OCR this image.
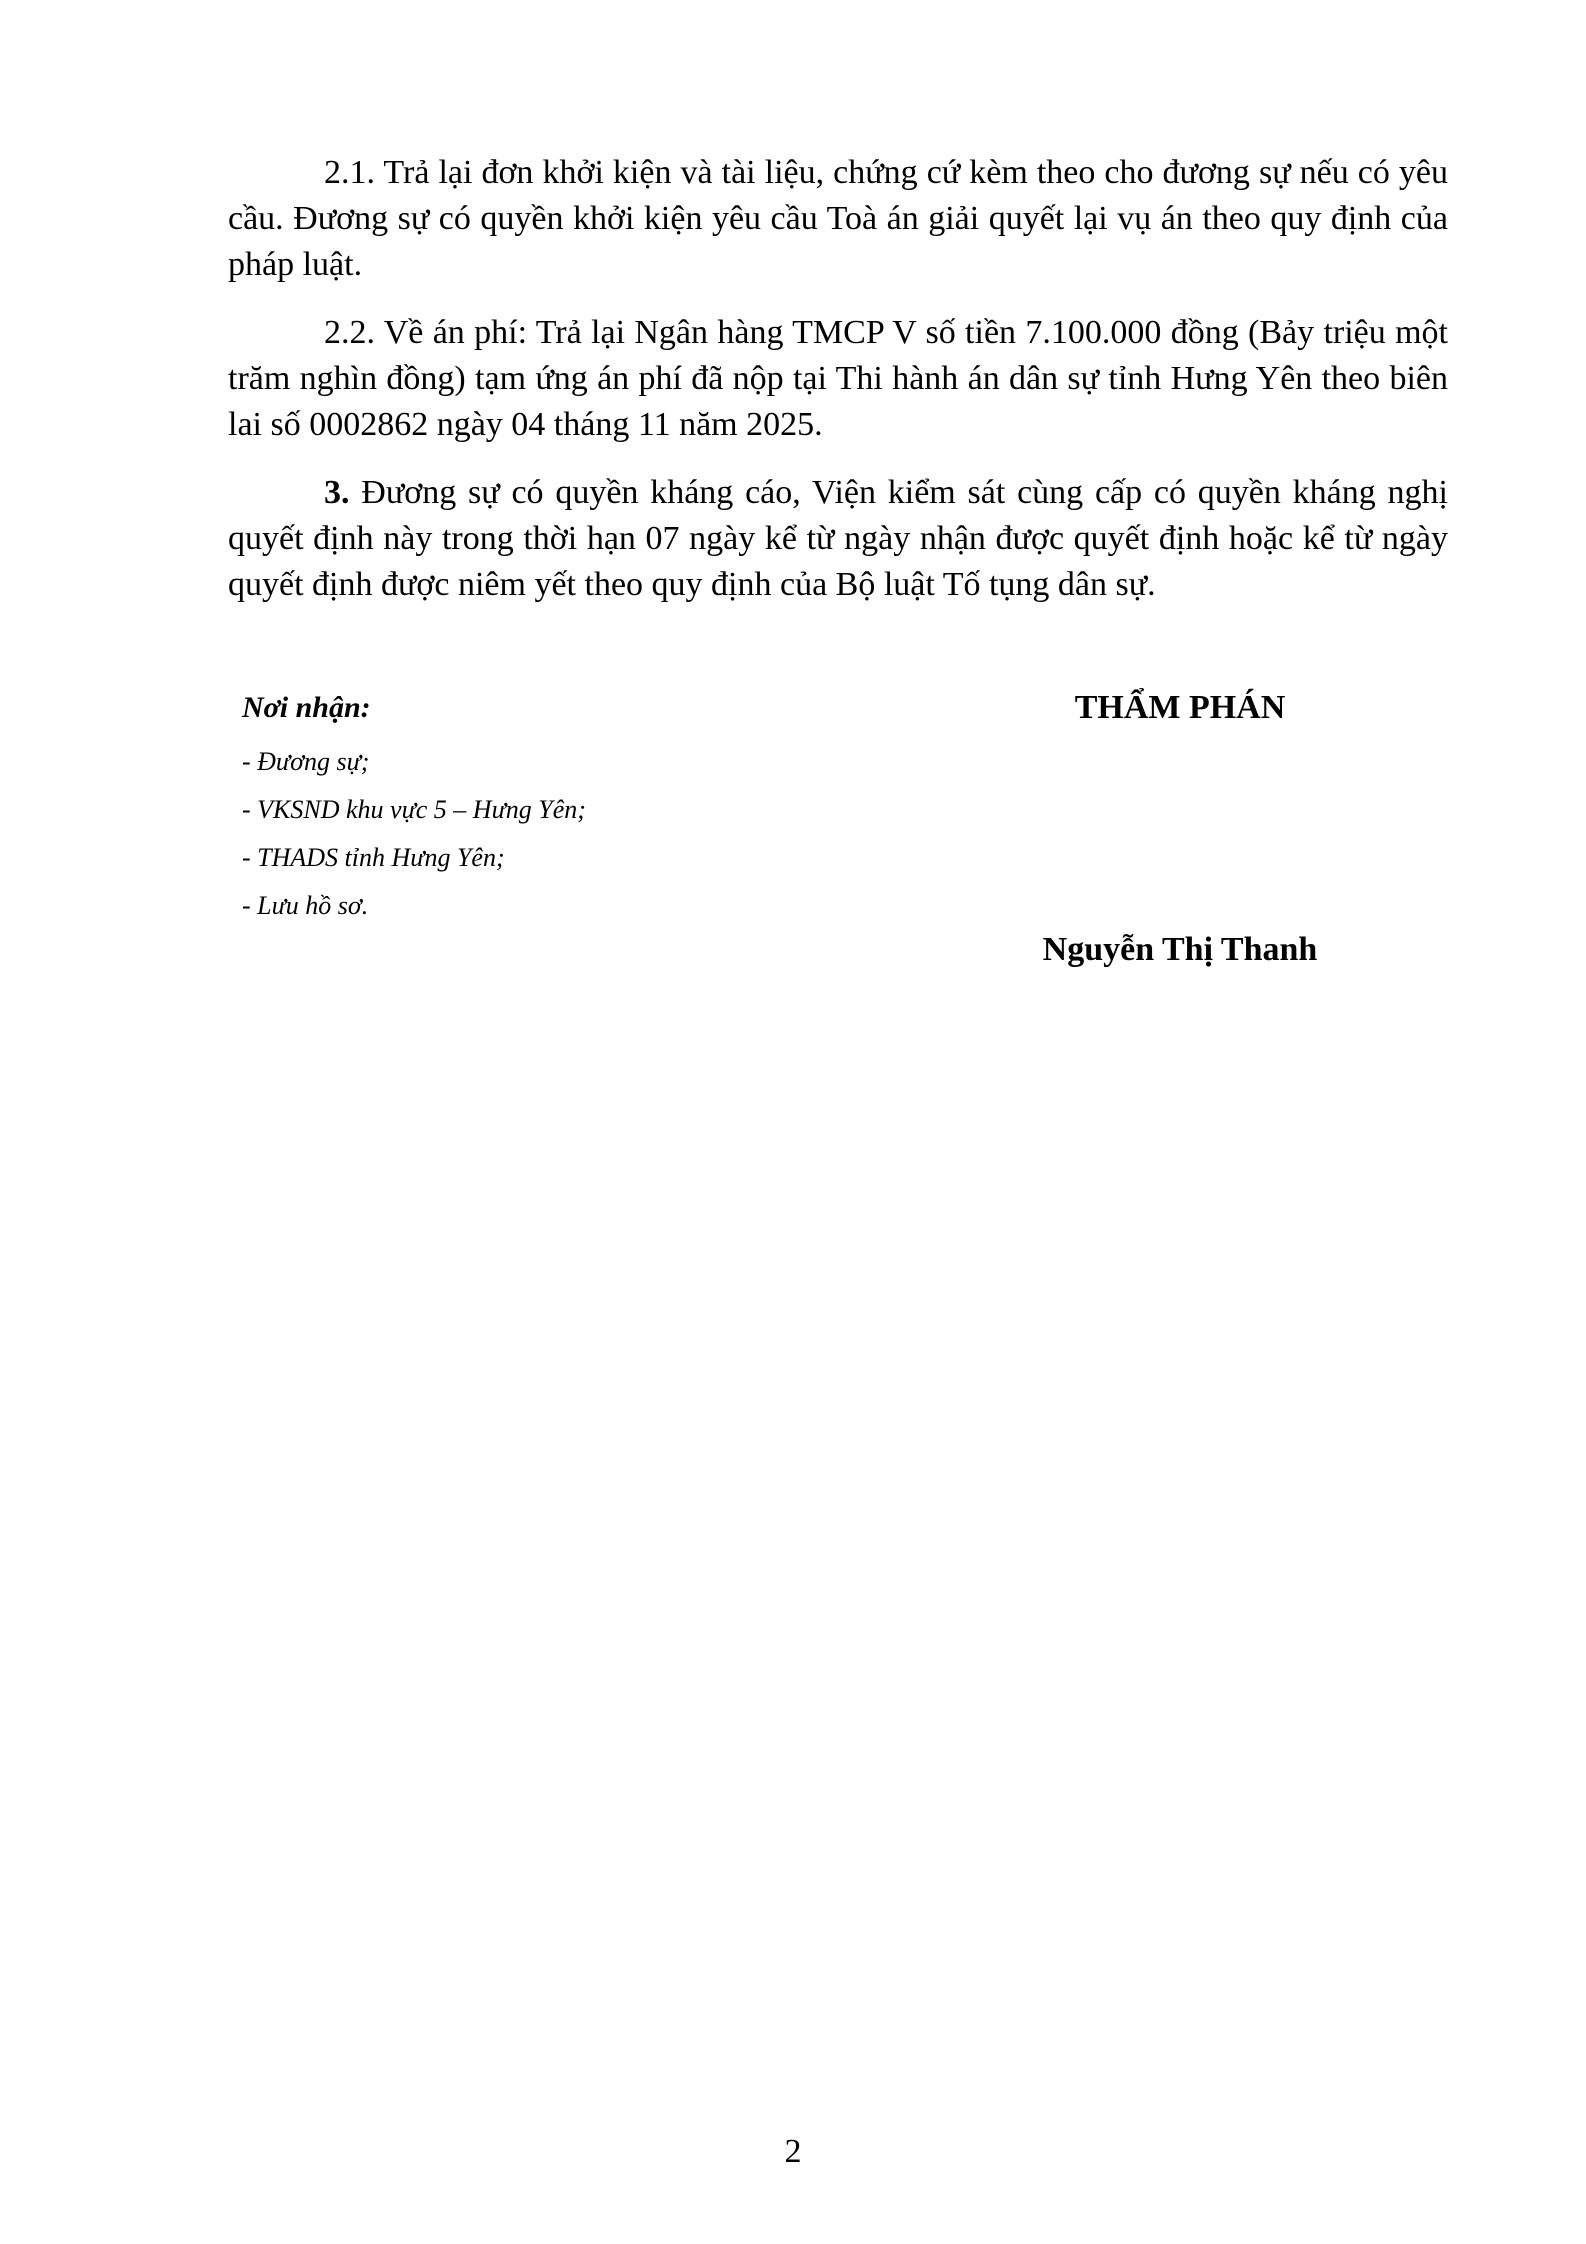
2.1. Trả lại đơn khởi kiện và tài liệu, chứng cứ kèm theo cho đương sự nếu có yêu cầu. Đương sự có quyền khởi kiện yêu cầu Toà án giải quyết lại vụ án theo quy định của pháp luật.

2.2. Về án phí: Trả lại Ngân hàng TMCP V số tiền 7.100.000 đồng (Bảy triệu một trăm nghìn đồng) tạm ứng án phí đã nộp tại Thi hành án dân sự tỉnh Hưng Yên theo biên lai số 0002862 ngày 04 tháng 11 năm 2025.

3. Đương sự có quyền kháng cáo, Viện kiểm sát cùng cấp có quyền kháng nghị quyết định này trong thời hạn 07 ngày kể từ ngày nhận được quyết định hoặc kể từ ngày quyết định được niêm yết theo quy định của Bộ luật Tố tụng dân sự.

Nơi nhận:
- Đương sự;
- VKSND khu vực 5 – Hưng Yên;
- THADS tỉnh Hưng Yên;
- Lưu hồ sơ.
THẨM PHÁN
Nguyễn Thị Thanh
2
